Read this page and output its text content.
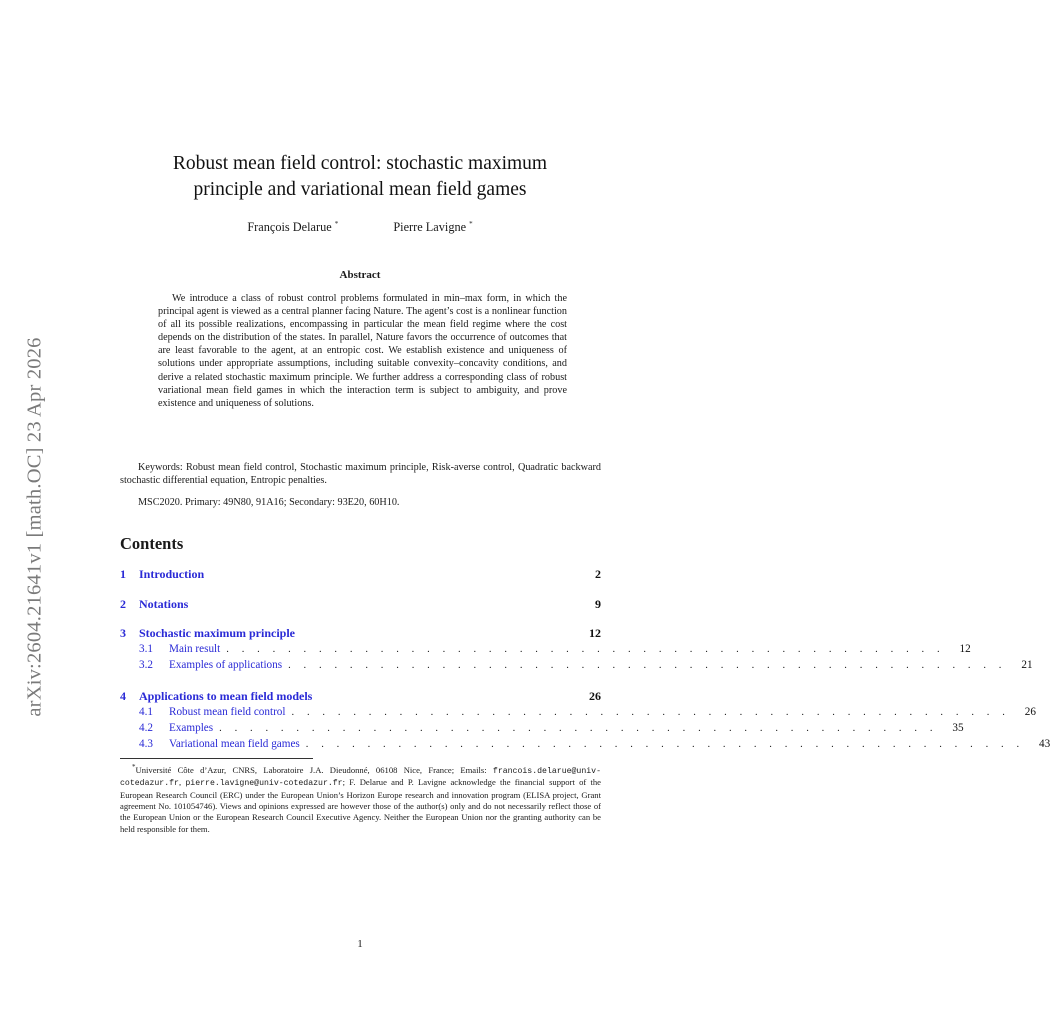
arXiv:2604.21641v1 [math.OC] 23 Apr 2026
Robust mean field control: stochastic maximum
principle and variational mean field games
François Delarue *	Pierre Lavigne *
Abstract

We introduce a class of robust control problems formulated in min–max form, in which the principal agent is viewed as a central planner facing Nature. The agent’s cost is a nonlinear function of all its possible realizations, encompassing in particular the mean field regime where the cost depends on the distribution of the states. In parallel, Nature favors the occurrence of outcomes that are least favorable to the agent, at an entropic cost. We establish existence and uniqueness of solutions under appropriate assumptions, including suitable convexity–concavity conditions, and derive a related stochastic maximum principle. We further address a corresponding class of robust variational mean field games in which the interaction term is subject to ambiguity, and prove existence and uniqueness of solutions.

Keywords: Robust mean field control, Stochastic maximum principle, Risk-averse control, Quadratic backward stochastic differential equation, Entropic penalties.

MSC2020. Primary: 49N80, 91A16; Secondary: 93E20, 60H10.

Contents
1 Introduction	2
2 Notations	9
3 Stochastic maximum principle	12
3.1	Main result . . . . . . . . . . . . . . . . . . . . . . . . . . . . . . . . . . . . . . . . . . . . . . .	12
3.2	Examples of applications . . . . . . . . . . . . . . . . . . . . . . . . . . . . . . . . . . . . . . . . . . . . . . .	21
4 Applications to mean field models	26
4.1	Robust mean field control . . . . . . . . . . . . . . . . . . . . . . . . . . . . . . . . . . . . . . . . . . . . . . .	26
4.2	Examples . . . . . . . . . . . . . . . . . . . . . . . . . . . . . . . . . . . . . . . . . . . . . . .	35
4.3	Variational mean field games . . . . . . . . . . . . . . . . . . . . . . . . . . . . . . . . . . . . . . . . . . . . . . .	43

*Université Côte d’Azur, CNRS, Laboratoire J.A. Dieudonné, 06108 Nice, France; Emails: francois.delarue@univ-cotedazur.fr, pierre.lavigne@univ-cotedazur.fr; F. Delarue and P. Lavigne acknowledge the financial support of the European Research Council (ERC) under the European Union’s Horizon Europe research and innovation program (ELISA project, Grant agreement No. 101054746). Views and opinions expressed are however those of the author(s) only and do not necessarily reflect those of the European Union or the European Research Council Executive Agency. Neither the European Union nor the granting authority can be held responsible for them.

1
